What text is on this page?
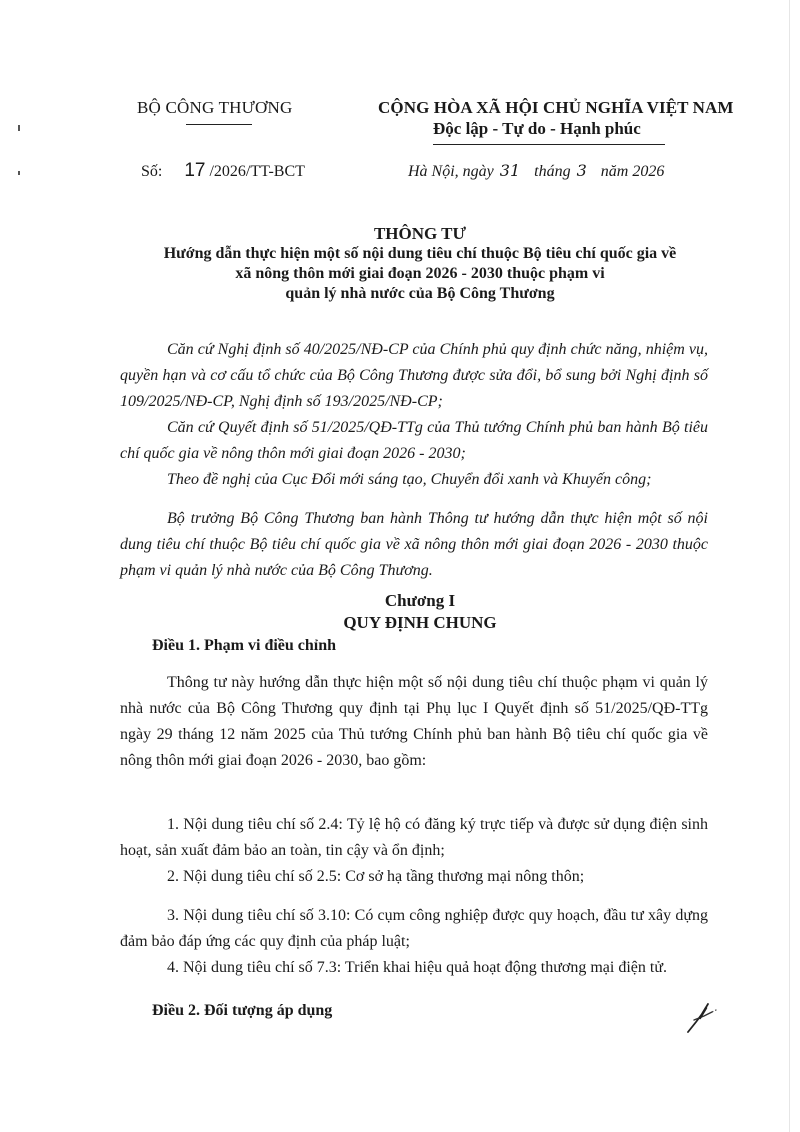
BỘ CÔNG THƯƠNG	CỘNG HÒA XÃ HỘI CHỦ NGHĨA VIỆT NAM
Độc lập - Tự do - Hạnh phúc
Số: 17 /2026/TT-BCT	Hà Nội, ngày 31 tháng 3 năm 2026
THÔNG TƯ
Hướng dẫn thực hiện một số nội dung tiêu chí thuộc Bộ tiêu chí quốc gia về
xã nông thôn mới giai đoạn 2026 - 2030 thuộc phạm vi
quản lý nhà nước của Bộ Công Thương
Căn cứ Nghị định số 40/2025/NĐ-CP của Chính phủ quy định chức năng, nhiệm vụ, quyền hạn và cơ cấu tổ chức của Bộ Công Thương được sửa đổi, bổ sung bởi Nghị định số 109/2025/NĐ-CP, Nghị định số 193/2025/NĐ-CP;
Căn cứ Quyết định số 51/2025/QĐ-TTg của Thủ tướng Chính phủ ban hành Bộ tiêu chí quốc gia về nông thôn mới giai đoạn 2026 - 2030;
Theo đề nghị của Cục Đổi mới sáng tạo, Chuyển đổi xanh và Khuyến công;
Bộ trưởng Bộ Công Thương ban hành Thông tư hướng dẫn thực hiện một số nội dung tiêu chí thuộc Bộ tiêu chí quốc gia về xã nông thôn mới giai đoạn 2026 - 2030 thuộc phạm vi quản lý nhà nước của Bộ Công Thương.
Chương I
QUY ĐỊNH CHUNG
Điều 1. Phạm vi điều chỉnh
Thông tư này hướng dẫn thực hiện một số nội dung tiêu chí thuộc phạm vi quản lý nhà nước của Bộ Công Thương quy định tại Phụ lục I Quyết định số 51/2025/QĐ-TTg ngày 29 tháng 12 năm 2025 của Thủ tướng Chính phủ ban hành Bộ tiêu chí quốc gia về nông thôn mới giai đoạn 2026 - 2030, bao gồm:
1. Nội dung tiêu chí số 2.4: Tỷ lệ hộ có đăng ký trực tiếp và được sử dụng điện sinh hoạt, sản xuất đảm bảo an toàn, tin cậy và ổn định;
2. Nội dung tiêu chí số 2.5: Cơ sở hạ tầng thương mại nông thôn;
3. Nội dung tiêu chí số 3.10: Có cụm công nghiệp được quy hoạch, đầu tư xây dựng đảm bảo đáp ứng các quy định của pháp luật;
4. Nội dung tiêu chí số 7.3: Triển khai hiệu quả hoạt động thương mại điện tử.
Điều 2. Đối tượng áp dụng
